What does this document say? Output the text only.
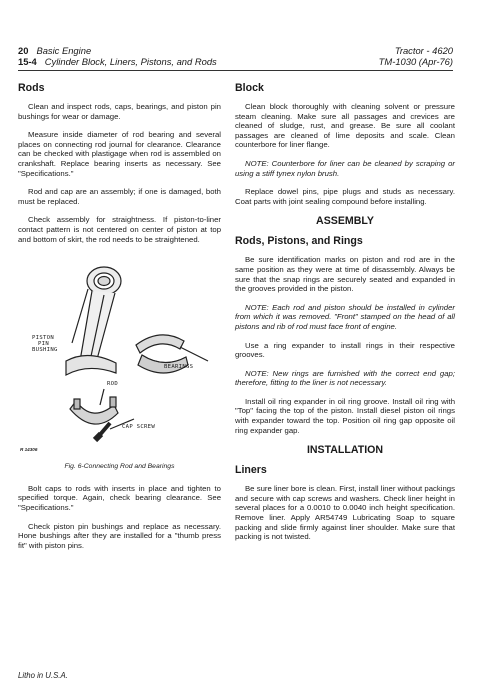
20 Basic Engine
15-4 Cylinder Block, Liners, Pistons, and Rods
Tractor - 4620
TM-1030 (Apr-76)
Rods

Clean and inspect rods, caps, bearings, and piston pin bushings for wear or damage.

Measure inside diameter of rod bearing and several places on connecting rod journal for clearance. Clearance can be checked with plastigage when rod is assembled on crankshaft. Replace bearing inserts as necessary. See "Specifications."

Rod and cap are an assembly; if one is damaged, both must be replaced.

Check assembly for straightness. If piston-to-liner contact pattern is not centered on center of piston at top and bottom of skirt, the rod needs to be straightened.

PISTON
PIN
BUSHING
BEARINGS
ROD
CAP SCREW
R 14306
Fig. 6-Connecting Rod and Bearings

Bolt caps to rods with inserts in place and tighten to specified torque. Again, check bearing clearance. See "Specifications."

Check piston pin bushings and replace as necessary. Hone bushings after they are installed for a "thumb press fit" with piston pins.

Block

Clean block thoroughly with cleaning solvent or pressure steam cleaning. Make sure all passages and crevices are cleaned of sludge, rust, and grease. Be sure all coolant passages are cleaned of lime deposits and scale. Clean counterbore for liner flange.

NOTE: Counterbore for liner can be cleaned by scraping or using a stiff tynex nylon brush.

Replace dowel pins, pipe plugs and studs as necessary. Coat parts with joint sealing compound before installing.

ASSEMBLY
Rods, Pistons, and Rings

Be sure identification marks on piston and rod are in the same position as they were at time of disassembly. Always be sure that the snap rings are securely seated and expanded in the grooves provided in the piston.

NOTE: Each rod and piston should be installed in cylinder from which it was removed. "Front" stamped on the head of all pistons and rib of rod must face front of engine.

Use a ring expander to install rings in their respective grooves.

NOTE: New rings are furnished with the correct end gap; therefore, fitting to the liner is not necessary.

Install oil ring expander in oil ring groove. Install oil ring with "Top" facing the top of the piston. Install diesel piston oil rings with expander toward the top. Position oil ring gap opposite oil ring expander gap.

INSTALLATION
Liners

Be sure liner bore is clean. First, install liner without packings and secure with cap screws and washers. Check liner height in several places for a 0.0010 to 0.0040 inch height specification. Remove liner. Apply AR54749 Lubricating Soap to square packing and slide firmly against liner shoulder. Make sure that packing is not twisted.

Litho in U.S.A.
